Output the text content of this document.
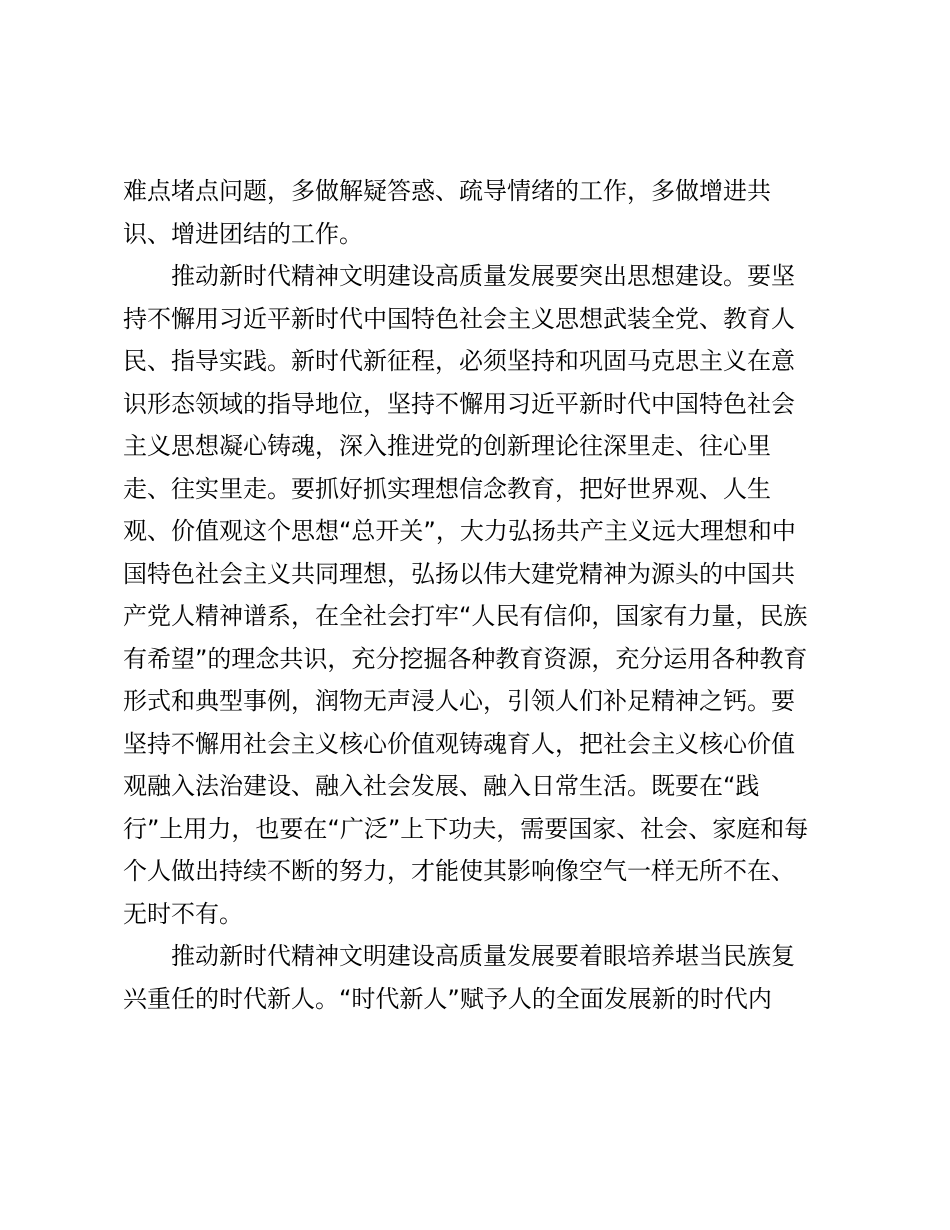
难点堵点问题，多做解疑答惑、疏导情绪的工作，多做增进共
识、增进团结的工作。
推动新时代精神文明建设高质量发展要突出思想建设。要坚
持不懈用习近平新时代中国特色社会主义思想武装全党、教育人
民、指导实践。新时代新征程，必须坚持和巩固马克思主义在意
识形态领域的指导地位，坚持不懈用习近平新时代中国特色社会
主义思想凝心铸魂，深入推进党的创新理论往深里走、往心里
走、往实里走。要抓好抓实理想信念教育，把好世界观、人生
观、价值观这个思想“总开关”，大力弘扬共产主义远大理想和中
国特色社会主义共同理想，弘扬以伟大建党精神为源头的中国共
产党人精神谱系，在全社会打牢“人民有信仰，国家有力量，民族
有希望”的理念共识，充分挖掘各种教育资源，充分运用各种教育
形式和典型事例，润物无声浸人心，引领人们补足精神之钙。要
坚持不懈用社会主义核心价值观铸魂育人，把社会主义核心价值
观融入法治建设、融入社会发展、融入日常生活。既要在“践
行”上用力，也要在“广泛”上下功夫，需要国家、社会、家庭和每
个人做出持续不断的努力，才能使其影响像空气一样无所不在、
无时不有。
推动新时代精神文明建设高质量发展要着眼培养堪当民族复
兴重任的时代新人。“时代新人”赋予人的全面发展新的时代内
